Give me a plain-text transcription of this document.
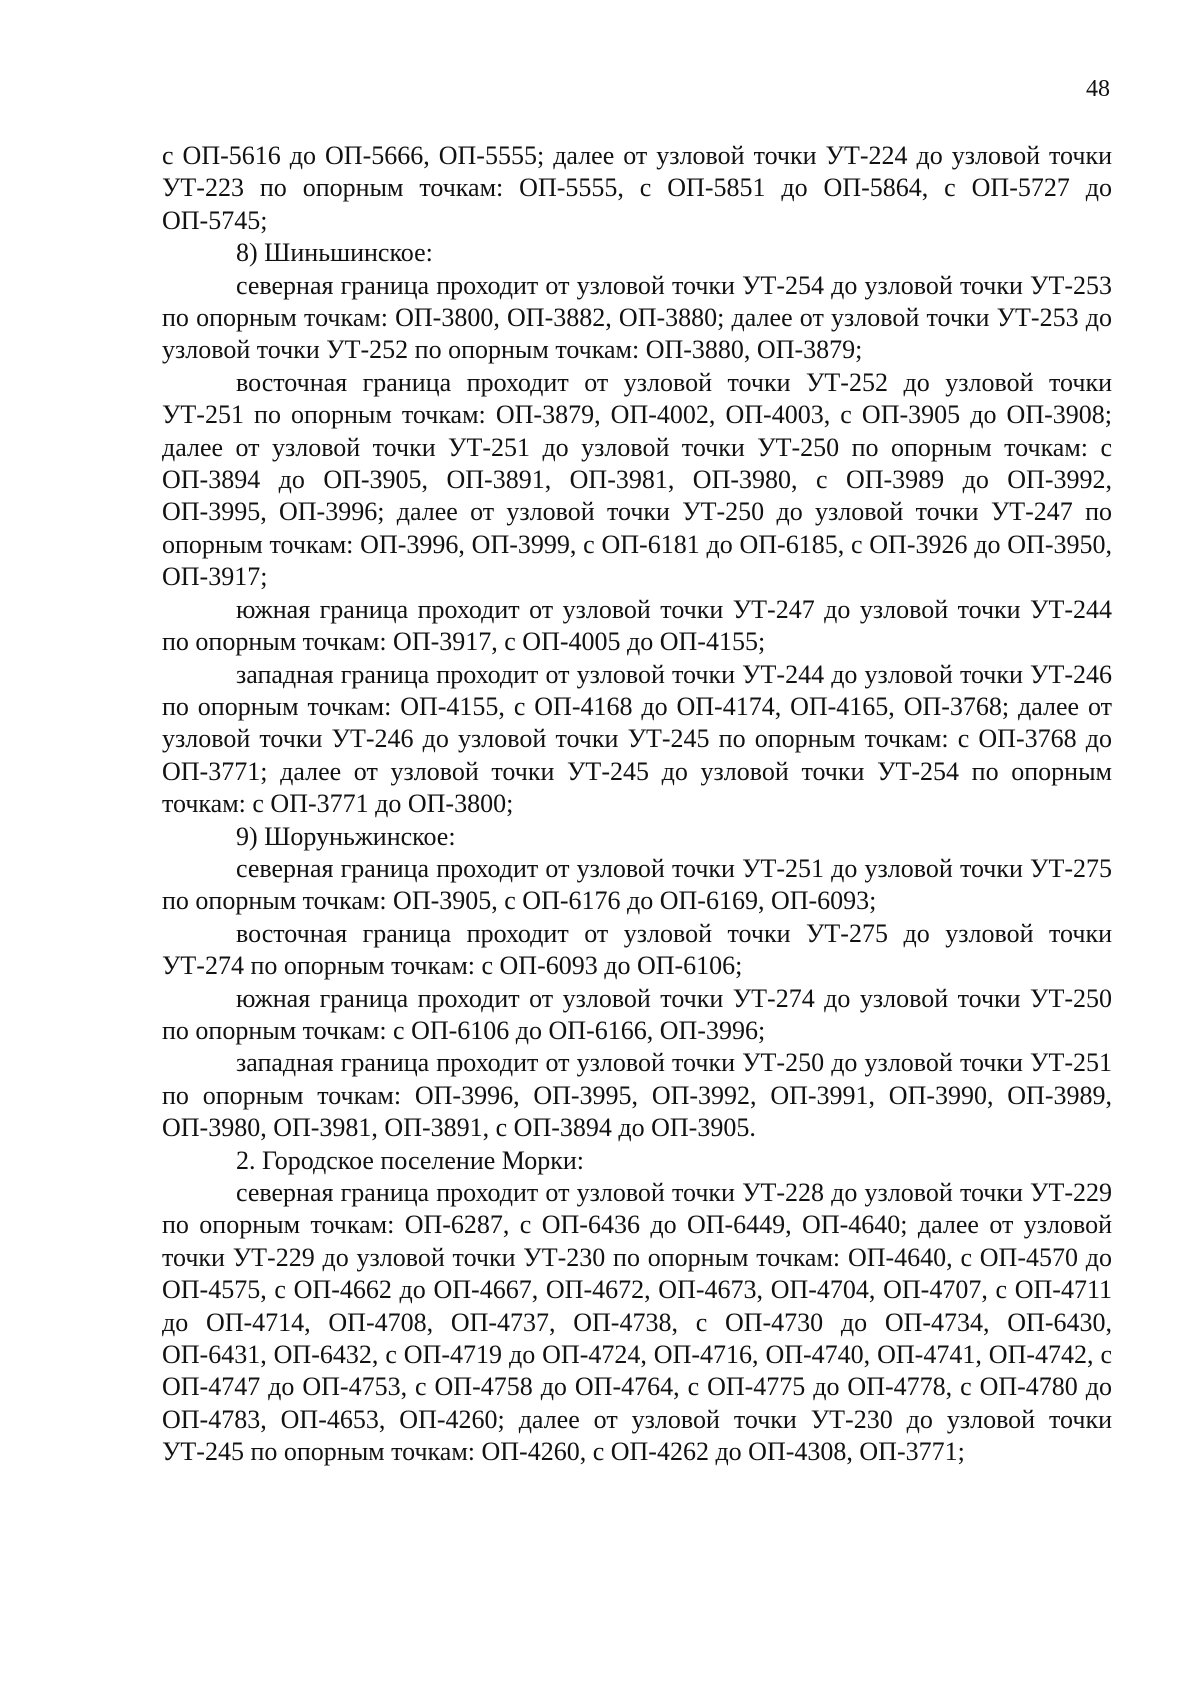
48

с ОП-5616 до ОП-5666, ОП-5555; далее от узловой точки УТ-224 до узловой точки УТ-223 по опорным точкам: ОП-5555, с ОП-5851 до ОП-5864, с ОП-5727 до ОП-5745;

8) Шиньшинское:

северная граница проходит от узловой точки УТ-254 до узловой точки УТ-253 по опорным точкам: ОП-3800, ОП-3882, ОП-3880; далее от узловой точки УТ-253 до узловой точки УТ-252 по опорным точкам: ОП-3880, ОП-3879;

восточная граница проходит от узловой точки УТ-252 до узловой точки УТ-251 по опорным точкам: ОП-3879, ОП-4002, ОП-4003, с ОП-3905 до ОП-3908; далее от узловой точки УТ-251 до узловой точки УТ-250 по опорным точкам: с ОП-3894 до ОП-3905, ОП-3891, ОП-3981, ОП-3980, с ОП-3989 до ОП-3992, ОП-3995, ОП-3996; далее от узловой точки УТ-250 до узловой точки УТ-247 по опорным точкам: ОП-3996, ОП-3999, с ОП-6181 до ОП-6185, с ОП-3926 до ОП-3950, ОП-3917;

южная граница проходит от узловой точки УТ-247 до узловой точки УТ-244 по опорным точкам: ОП-3917, с ОП-4005 до ОП-4155;

западная граница проходит от узловой точки УТ-244 до узловой точки УТ-246 по опорным точкам: ОП-4155, с ОП-4168 до ОП-4174, ОП-4165, ОП-3768; далее от узловой точки УТ-246 до узловой точки УТ-245 по опорным точкам: с ОП-3768 до ОП-3771; далее от узловой точки УТ-245 до узловой точки УТ-254 по опорным точкам: с ОП-3771 до ОП-3800;

9) Шоруньжинское:

северная граница проходит от узловой точки УТ-251 до узловой точки УТ-275 по опорным точкам: ОП-3905, с ОП-6176 до ОП-6169, ОП-6093;

восточная граница проходит от узловой точки УТ-275 до узловой точки УТ-274 по опорным точкам: с ОП-6093 до ОП-6106;

южная граница проходит от узловой точки УТ-274 до узловой точки УТ-250 по опорным точкам: с ОП-6106 до ОП-6166, ОП-3996;

западная граница проходит от узловой точки УТ-250 до узловой точки УТ-251 по опорным точкам: ОП-3996, ОП-3995, ОП-3992, ОП-3991, ОП-3990, ОП-3989, ОП-3980, ОП-3981, ОП-3891, с ОП-3894 до ОП-3905.

2. Городское поселение Морки:

северная граница проходит от узловой точки УТ-228 до узловой точки УТ-229 по опорным точкам: ОП-6287, с ОП-6436 до ОП-6449, ОП-4640; далее от узловой точки УТ-229 до узловой точки УТ-230 по опорным точкам: ОП-4640, с ОП-4570 до ОП-4575, с ОП-4662 до ОП-4667, ОП-4672, ОП-4673, ОП-4704, ОП-4707, с ОП-4711 до ОП-4714, ОП-4708, ОП-4737, ОП-4738, с ОП-4730 до ОП-4734, ОП-6430, ОП-6431, ОП-6432, с ОП-4719 до ОП-4724, ОП-4716, ОП-4740, ОП-4741, ОП-4742, с ОП-4747 до ОП-4753, с ОП-4758 до ОП-4764, с ОП-4775 до ОП-4778, с ОП-4780 до ОП-4783, ОП-4653, ОП-4260; далее от узловой точки УТ-230 до узловой точки УТ-245 по опорным точкам: ОП-4260, с ОП-4262 до ОП-4308, ОП-3771;
